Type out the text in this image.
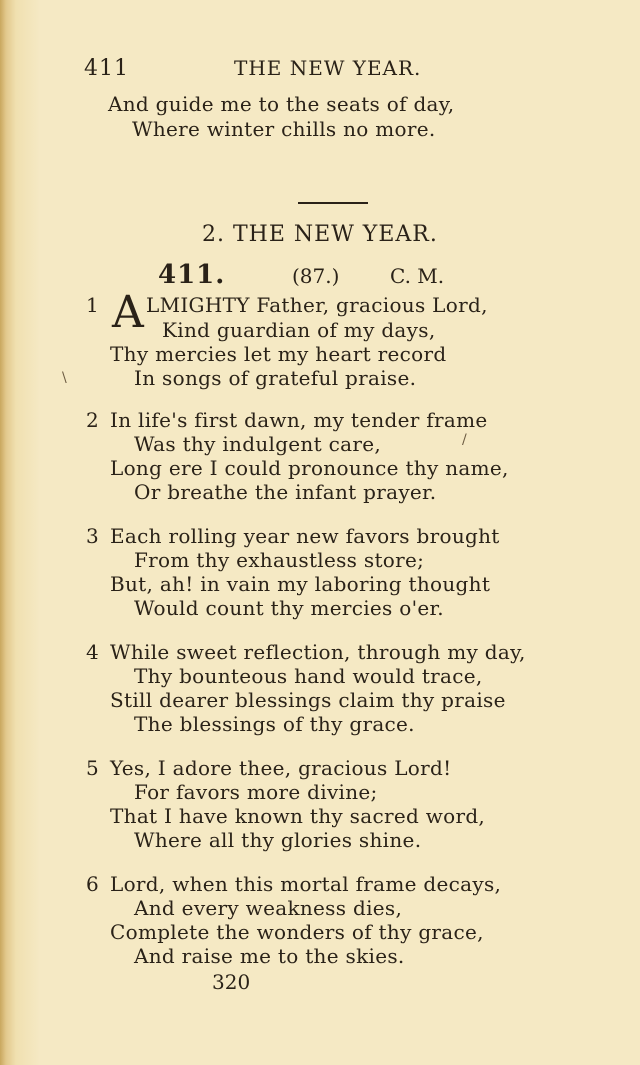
411	THE NEW YEAR.
And guide me to the seats of day,
Where winter chills no more.
2. THE NEW YEAR.
411.	(87.)	C. M.
1 A LMIGHTY Father, gracious Lord,
Kind guardian of my days,
Thy mercies let my heart record
In songs of grateful praise.
2 In life's first dawn, my tender frame
Was thy indulgent care,
Long ere I could pronounce thy name,
Or breathe the infant prayer.
3 Each rolling year new favors brought
From thy exhaustless store;
But, ah! in vain my laboring thought
Would count thy mercies o'er.
4 While sweet reflection, through my day,
Thy bounteous hand would trace,
Still dearer blessings claim thy praise
The blessings of thy grace.
5 Yes, I adore thee, gracious Lord!
For favors more divine;
That I have known thy sacred word,
Where all thy glories shine.
6 Lord, when this mortal frame decays,
And every weakness dies,
Complete the wonders of thy grace,
And raise me to the skies.
320
\
/
